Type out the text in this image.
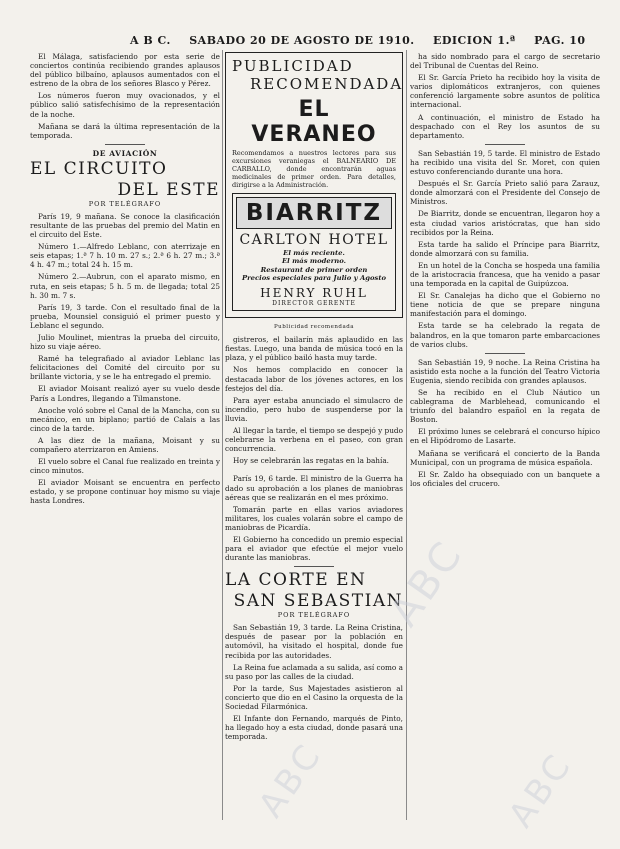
A B C. SABADO 20 DE AGOSTO DE 1910. EDICION 1.ª PAG. 10

El Málaga, satisfaciendo por esta serie de conciertos continúa recibiendo grandes aplausos del público bilbaíno, aplausos aumentados con el estreno de la obra de los señores Blasco y Pérez.

Los números fueron muy ovacionados, y el público salió satisfechísimo de la representación de la noche.

Mañana se dará la última representación de la temporada.

DE AVIACIÓN
EL CIRCUITO
DEL ESTE
POR TELÉGRAFO

París 19, 9 mañana. Se conoce la clasificación resultante de las pruebas del premio del Matin en el circuito del Este.

Número 1.—Alfredo Leblanc, con aterrizaje en seis etapas; 1.ª 7 h. 10 m. 27 s.; 2.ª 6 h. 27 m.; 3.ª 4 h. 47 m.; total 24 h. 15 m.

Número 2.—Aubrun, con el aparato mismo, en ruta, en seis etapas; 5 h. 5 m. de llegada; total 25 h. 30 m. 7 s.

París 19, 3 tarde. Con el resultado final de la prueba, Mounsiel consiguió el primer puesto y Leblanc el segundo.

Julio Moulinet, mientras la prueba del circuito, hizo su viaje aéreo.

Ramé ha telegrafiado al aviador Leblanc las felicitaciones del Comité del circuito por su brillante victoria, y se le ha entregado el premio.

El aviador Moisant realizó ayer su vuelo desde París a Londres, llegando a Tilmanstone.

Anoche voló sobre el Canal de la Mancha, con su mecánico, en un biplano; partió de Calais a las cinco de la tarde.

A las diez de la mañana, Moisant y su compañero aterrizaron en Amiens.

El vuelo sobre el Canal fue realizado en treinta y cinco minutos.

El aviador Moisant se encuentra en perfecto estado, y se propone continuar hoy mismo su viaje hasta Londres.

PUBLICIDAD
RECOMENDADA
EL VERANEO

Recomendamos a nuestros lectores para sus excursiones veraniegas el BALNEARIO DE CARBALLO, donde encontrarán aguas medicinales de primer orden. Para detalles, dirigirse a la Administración.

BIARRITZ
CARLTON HOTEL

El más reciente.

El más moderno.

Restaurant de primer orden

Precios especiales para Julio y Agosto

HENRY RUHL
DIRECTOR GERENTE
Publicidad recomendada

gistreros, el bailarín más aplaudido en las fiestas. Luego, una banda de música tocó en la plaza, y el público bailó hasta muy tarde.

Nos hemos complacido en conocer la destacada labor de los jóvenes actores, en los festejos del día.

Para ayer estaba anunciado el simulacro de incendio, pero hubo de suspenderse por la lluvia.

Al llegar la tarde, el tiempo se despejó y pudo celebrarse la verbena en el paseo, con gran concurrencia.

Hoy se celebrarán las regatas en la bahía.

París 19, 6 tarde. El ministro de la Guerra ha dado su aprobación a los planes de maniobras aéreas que se realizarán en el mes próximo.

Tomarán parte en ellas varios aviadores militares, los cuales volarán sobre el campo de maniobras de Picardía.

El Gobierno ha concedido un premio especial para el aviador que efectúe el mejor vuelo durante las maniobras.

LA CORTE EN
SAN SEBASTIAN
POR TELÉGRAFO

San Sebastián 19, 3 tarde. La Reina Cristina, después de pasear por la población en automóvil, ha visitado el hospital, donde fue recibida por las autoridades.

La Reina fue aclamada a su salida, así como a su paso por las calles de la ciudad.

Por la tarde, Sus Majestades asistieron al concierto que dio en el Casino la orquesta de la Sociedad Filarmónica.

El Infante don Fernando, marqués de Pinto, ha llegado hoy a esta ciudad, donde pasará una temporada.

ha sido nombrado para el cargo de secretario del Tribunal de Cuentas del Reino.

El Sr. García Prieto ha recibido hoy la visita de varios diplomáticos extranjeros, con quienes conferenció largamente sobre asuntos de política internacional.

A continuación, el ministro de Estado ha despachado con el Rey los asuntos de su departamento.

San Sebastián 19, 5 tarde. El ministro de Estado ha recibido una visita del Sr. Moret, con quien estuvo conferenciando durante una hora.

Después el Sr. García Prieto salió para Zarauz, donde almorzará con el Presidente del Consejo de Ministros.

De Biarritz, donde se encuentran, llegaron hoy a esta ciudad varios aristócratas, que han sido recibidos por la Reina.

Esta tarde ha salido el Príncipe para Biarritz, donde almorzará con su familia.

En un hotel de la Concha se hospeda una familia de la aristocracia francesa, que ha venido a pasar una temporada en la capital de Guipúzcoa.

El Sr. Canalejas ha dicho que el Gobierno no tiene noticia de que se prepare ninguna manifestación para el domingo.

Esta tarde se ha celebrado la regata de balandros, en la que tomaron parte embarcaciones de varios clubs.

San Sebastián 19, 9 noche. La Reina Cristina ha asistido esta noche a la función del Teatro Victoria Eugenia, siendo recibida con grandes aplausos.

Se ha recibido en el Club Náutico un cablegrama de Marblehead, comunicando el triunfo del balandro español en la regata de Boston.

El próximo lunes se celebrará el concurso hípico en el Hipódromo de Lasarte.

Mañana se verificará el concierto de la Banda Municipal, con un programa de música española.

El Sr. Zaldo ha obsequiado con un banquete a los oficiales del crucero.

ABC
ABC
ABC
